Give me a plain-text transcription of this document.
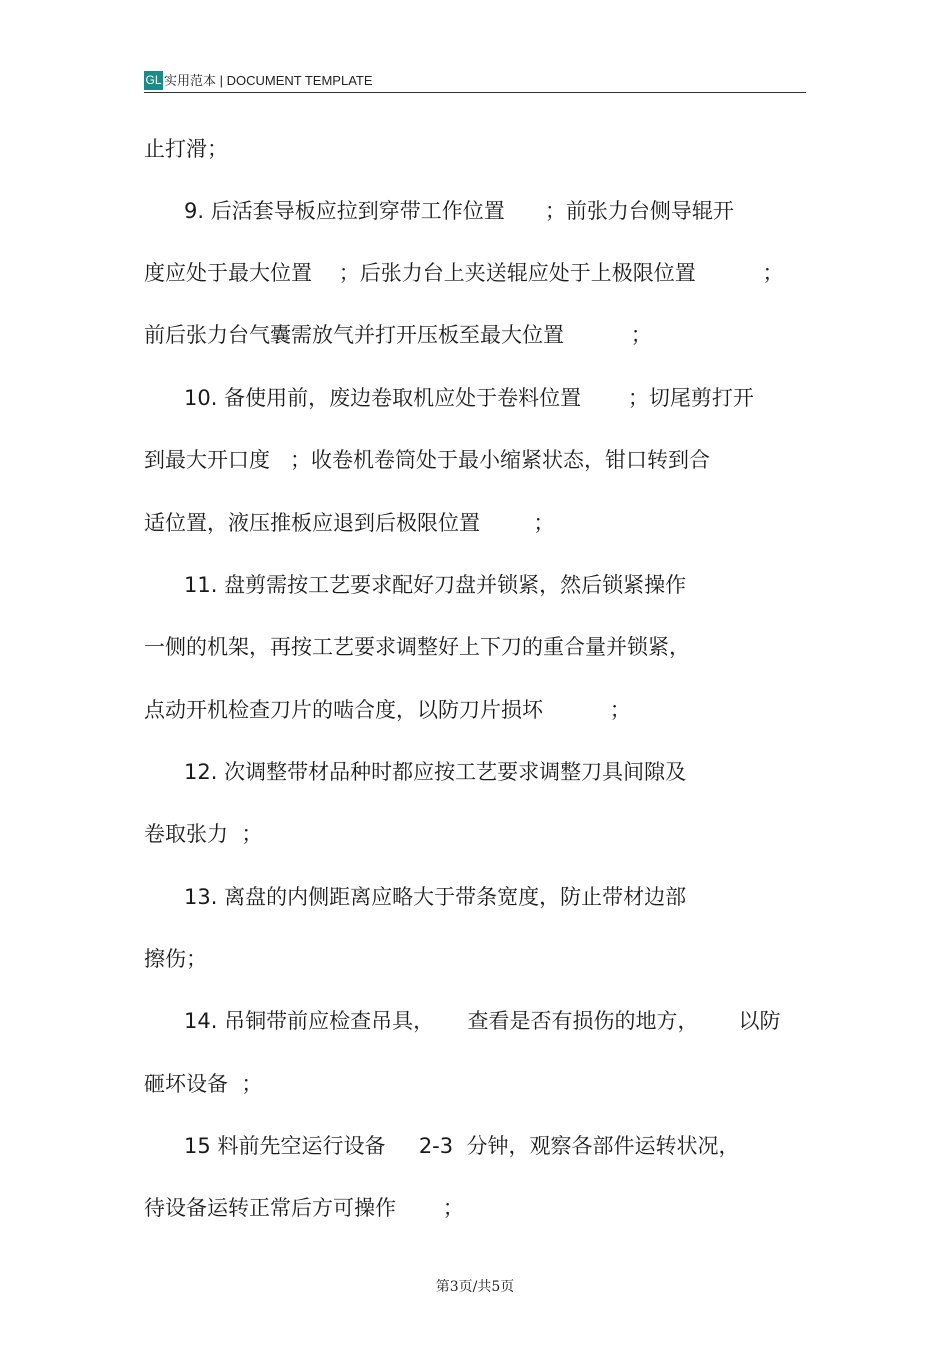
GL 实用范本 | DOCUMENT TEMPLATE
止打滑；
9. 后活套导板应拉到穿带工作位置      ；前张力台侧导辊开
度应处于最大位置    ；后张力台上夹送辊应处于上极限位置          ；
前后张力台气囊需放气并打开压板至最大位置          ；
10. 备使用前，废边卷取机应处于卷料位置       ；切尾剪打开
到最大开口度   ；收卷机卷筒处于最小缩紧状态，钳口转到合
适位置，液压推板应退到后极限位置        ；
11. 盘剪需按工艺要求配好刀盘并锁紧，然后锁紧操作
一侧的机架，再按工艺要求调整好上下刀的重合量并锁紧，
点动开机检查刀片的啮合度，以防刀片损坏          ；
12. 次调整带材品种时都应按工艺要求调整刀具间隙及
卷取张力  ；
13. 离盘的内侧距离应略大于带条宽度，防止带材边部
擦伤；
14. 吊铜带前应检查吊具，     查看是否有损伤的地方，      以防
砸坏设备  ；
15 料前先空运行设备     2-3  分钟，观察各部件运转状况，
待设备运转正常后方可操作       ；
第3页/共5页
